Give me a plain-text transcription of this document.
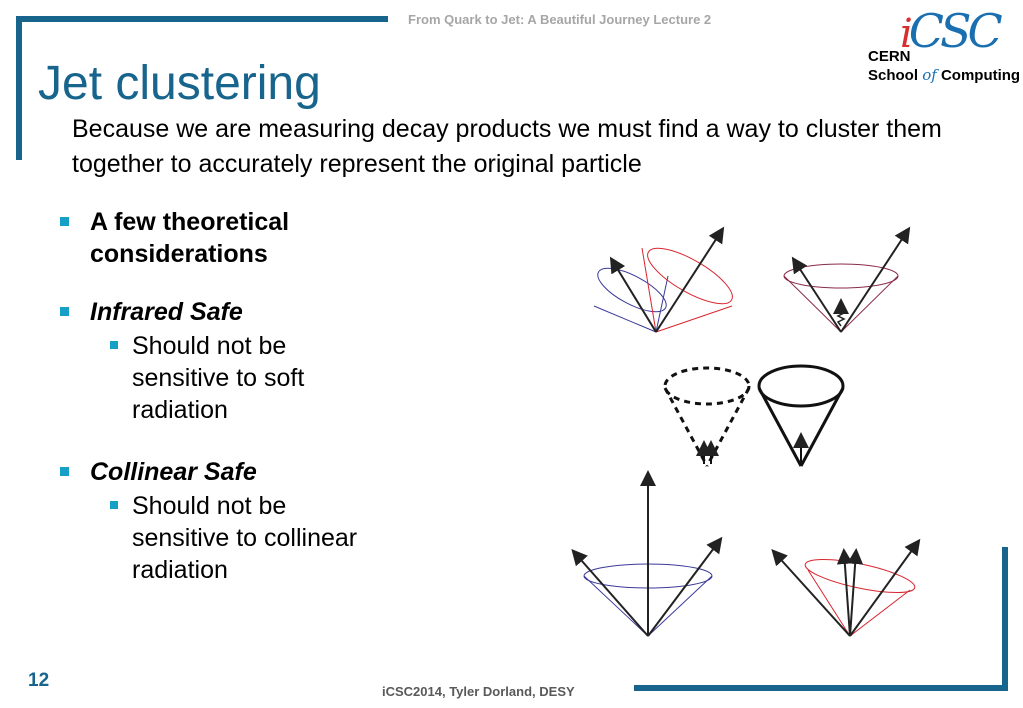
From Quark to Jet: A Beautiful Journey Lecture 2	iCSC
CERN
School of Computing
Jet clustering
Because we are measuring decay products we must find a way to cluster them together to accurately represent the original particle
A few theoretical considerations
Infrared Safe
Should not be sensitive to soft radiation
Collinear Safe
Should not be sensitive to collinear radiation
12
iCSC2014, Tyler Dorland, DESY
